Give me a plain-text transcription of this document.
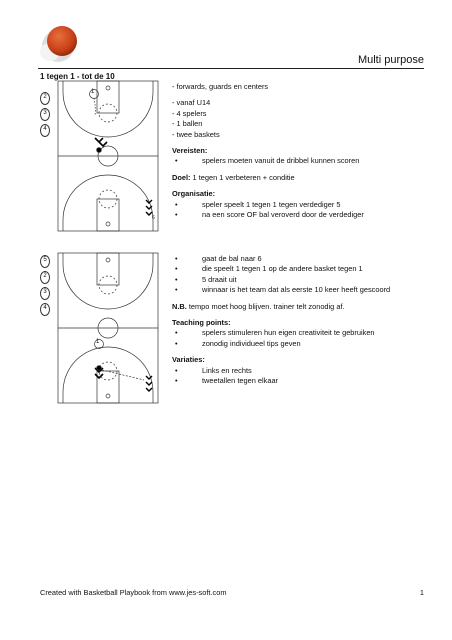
Multi purpose
1 tegen 1 - tot de 10
1
6
2
3
4

- forwards, guards en centers

- vanaf U14

- 4 spelers

- 1 ballen

- twee baskets

Vereisten:

•	spelers moeten vanuit de dribbel kunnen scoren

Doel: 1 tegen 1 verbeteren + conditie

Organisatie:

•	speler speelt 1 tegen 1 tegen verdediger 5
•	na een score OF bal veroverd door de verdediger
1
5
2
3
4
•	gaat de bal naar 6
•	die speelt 1 tegen 1 op de andere basket tegen 1
•	5 draait uit
•	winnaar is het team dat als eerste 10 keer heeft gescoord

N.B. tempo moet hoog blijven. trainer telt zonodig af.

Teaching points:

•	spelers stimuleren hun eigen creativiteit te gebruiken
•	zonodig individueel tips geven

Variaties:

•	Links en rechts
•	tweetallen tegen elkaar
Created with Basketball Playbook from www.jes-soft.com	1
